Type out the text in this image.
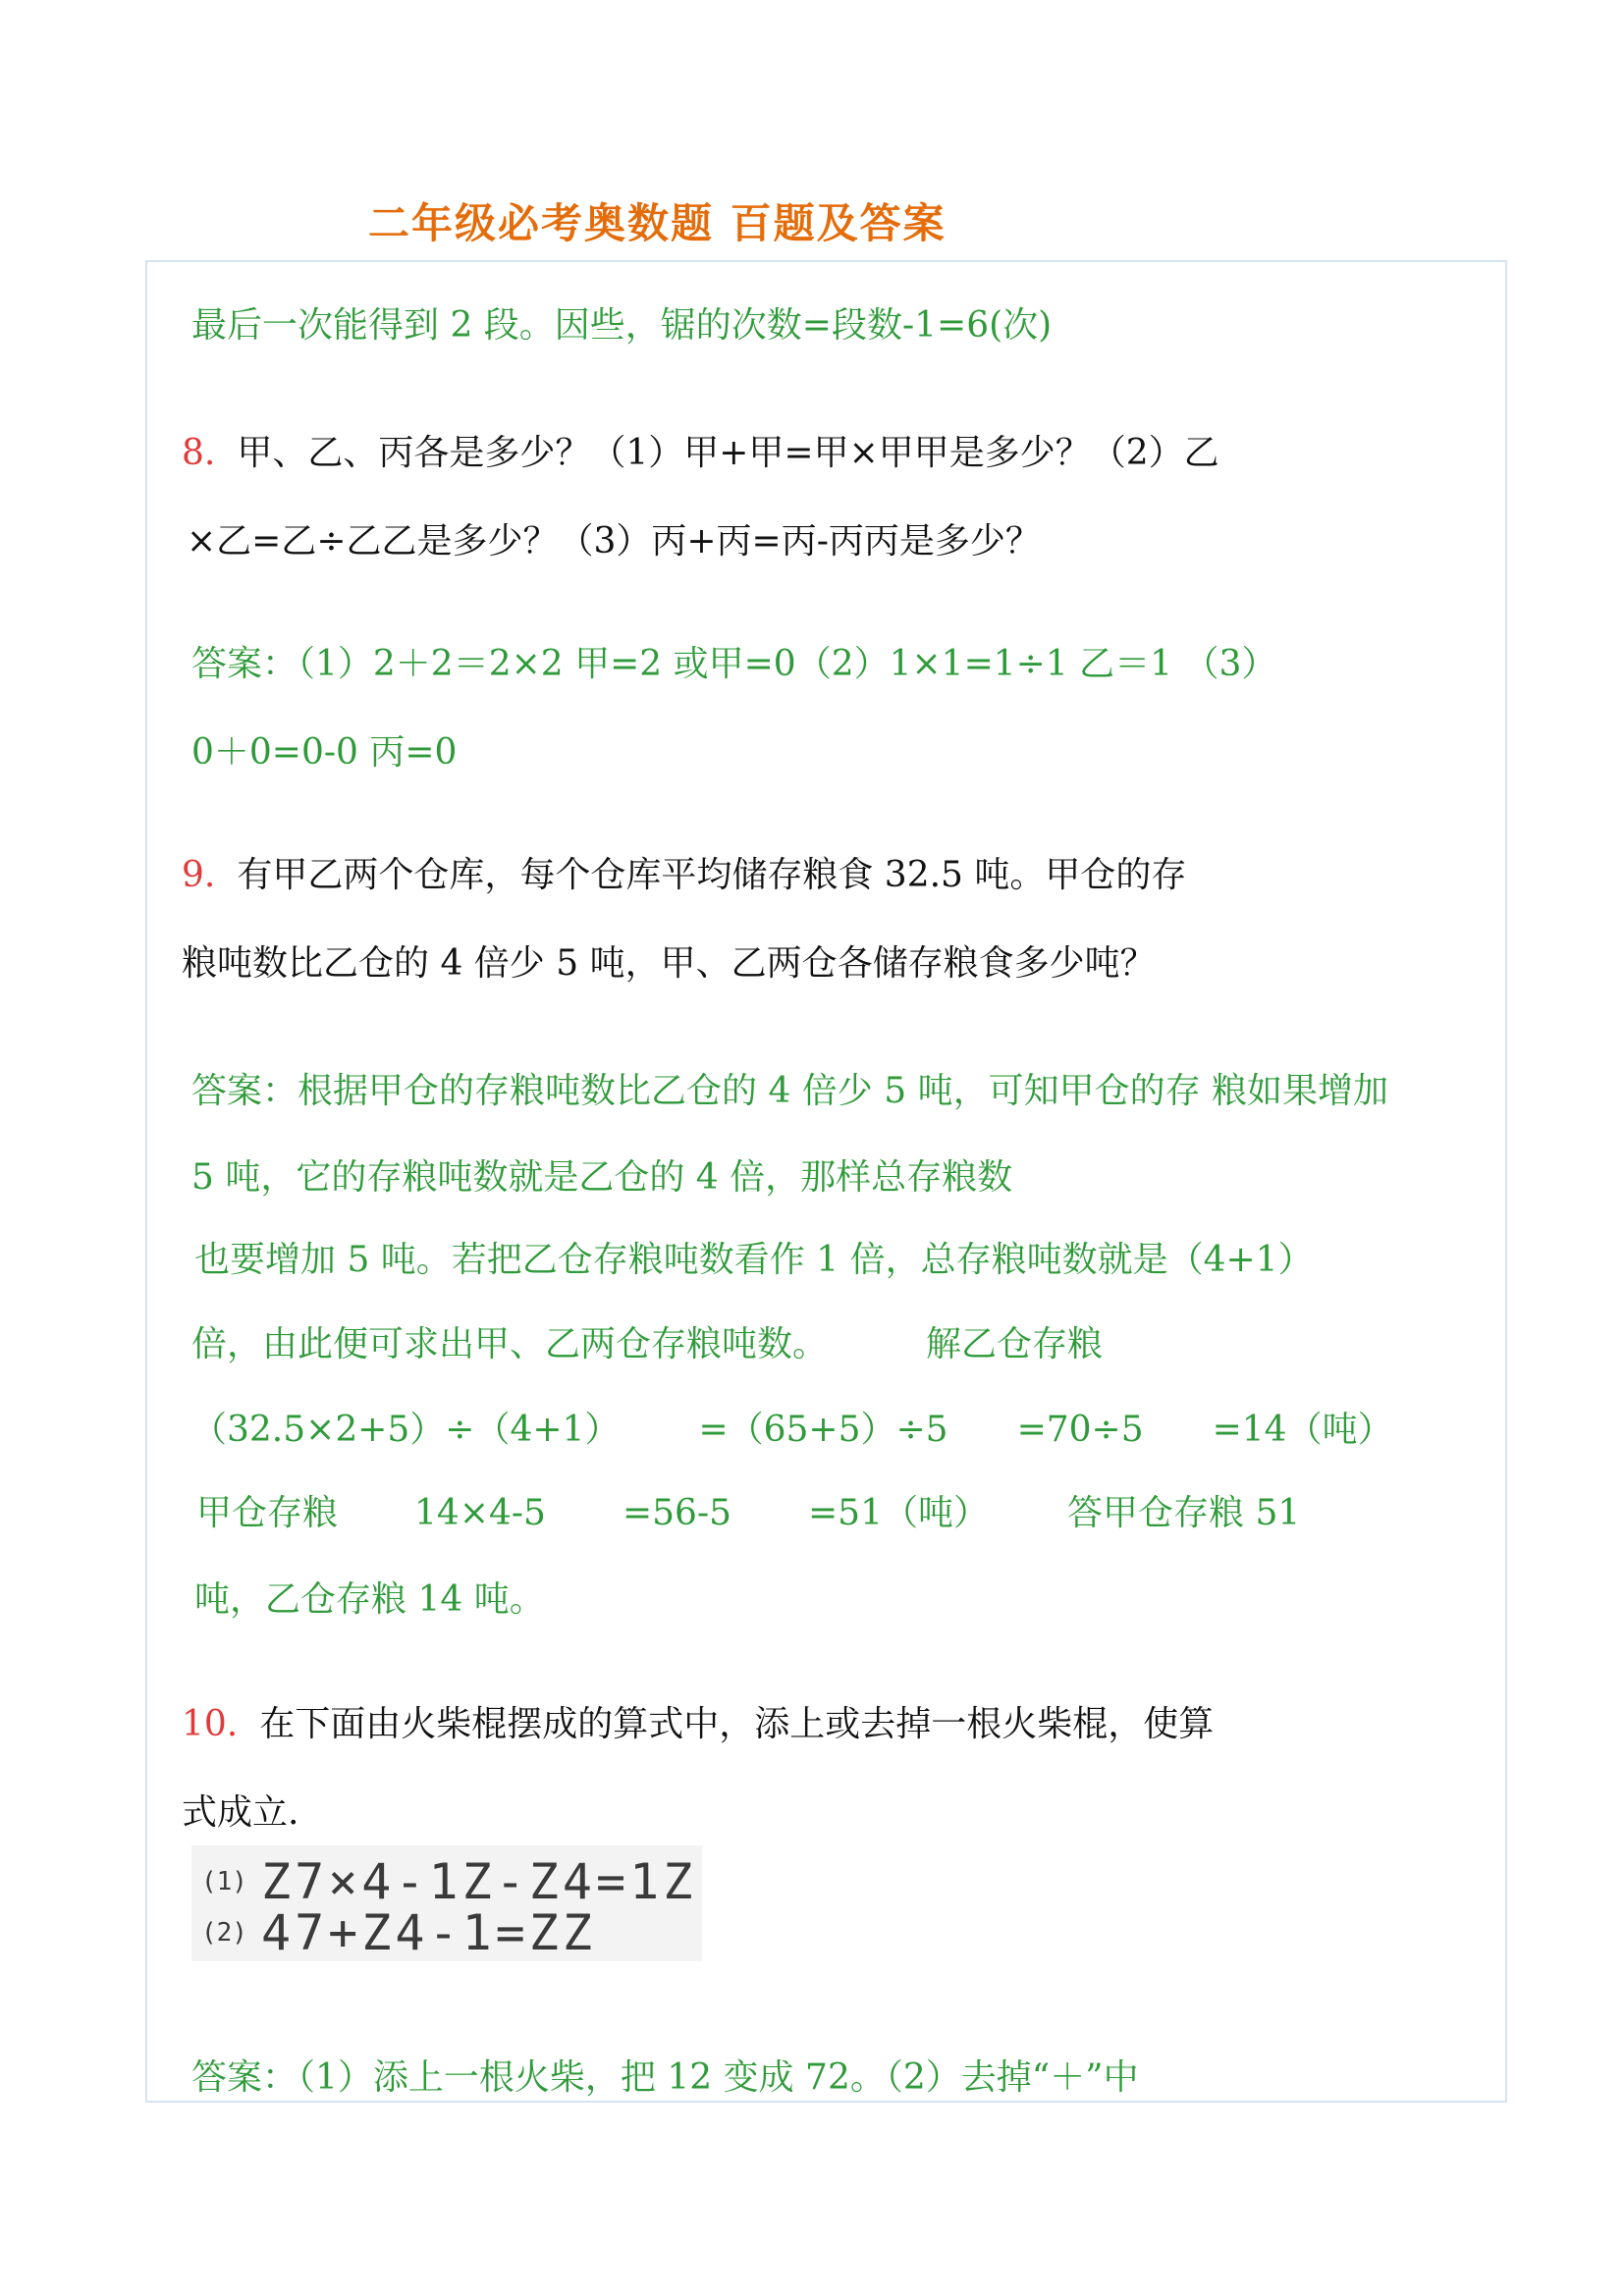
二年级必考奥数题 百题及答案
最后一次能得到 2 段。因些，锯的次数=段数-1=6(次)
8. 甲、乙、丙各是多少？（1）甲+甲=甲×甲甲是多少？（2）乙
×乙=乙÷乙乙是多少？（3）丙+丙=丙-丙丙是多少？
答案：（1）2＋2＝2×2 甲=2 或甲=0（2）1×1=1÷1 乙＝1 （3）
0＋0=0-0 丙=0
9. 有甲乙两个仓库，每个仓库平均储存粮食 32.5 吨。甲仓的存
粮吨数比乙仓的 4 倍少 5 吨，甲、乙两仓各储存粮食多少吨？
答案：根据甲仓的存粮吨数比乙仓的 4 倍少 5 吨，可知甲仓的存 粮如果增加
5 吨，它的存粮吨数就是乙仓的 4 倍，那样总存粮数
也要增加 5 吨。若把乙仓存粮吨数看作 1 倍，总存粮吨数就是（4+1）
倍，由此便可求出甲、乙两仓存粮吨数。	解乙仓存粮
（32.5×2+5）÷（4+1） =（65+5）÷5 =70÷5 =14（吨）
甲仓存粮 14×4-5 =56-5 =51（吨） 答甲仓存粮 51
吨，乙仓存粮 14 吨。
10. 在下面由火柴棍摆成的算式中，添上或去掉一根火柴棍，使算
式成立.
(1) Z7×4-1Z-Z4=1Z
(2) 47+Z4-1=ZZ
答案：（1）添上一根火柴，把 12 变成 72。（2）去掉“＋”中
